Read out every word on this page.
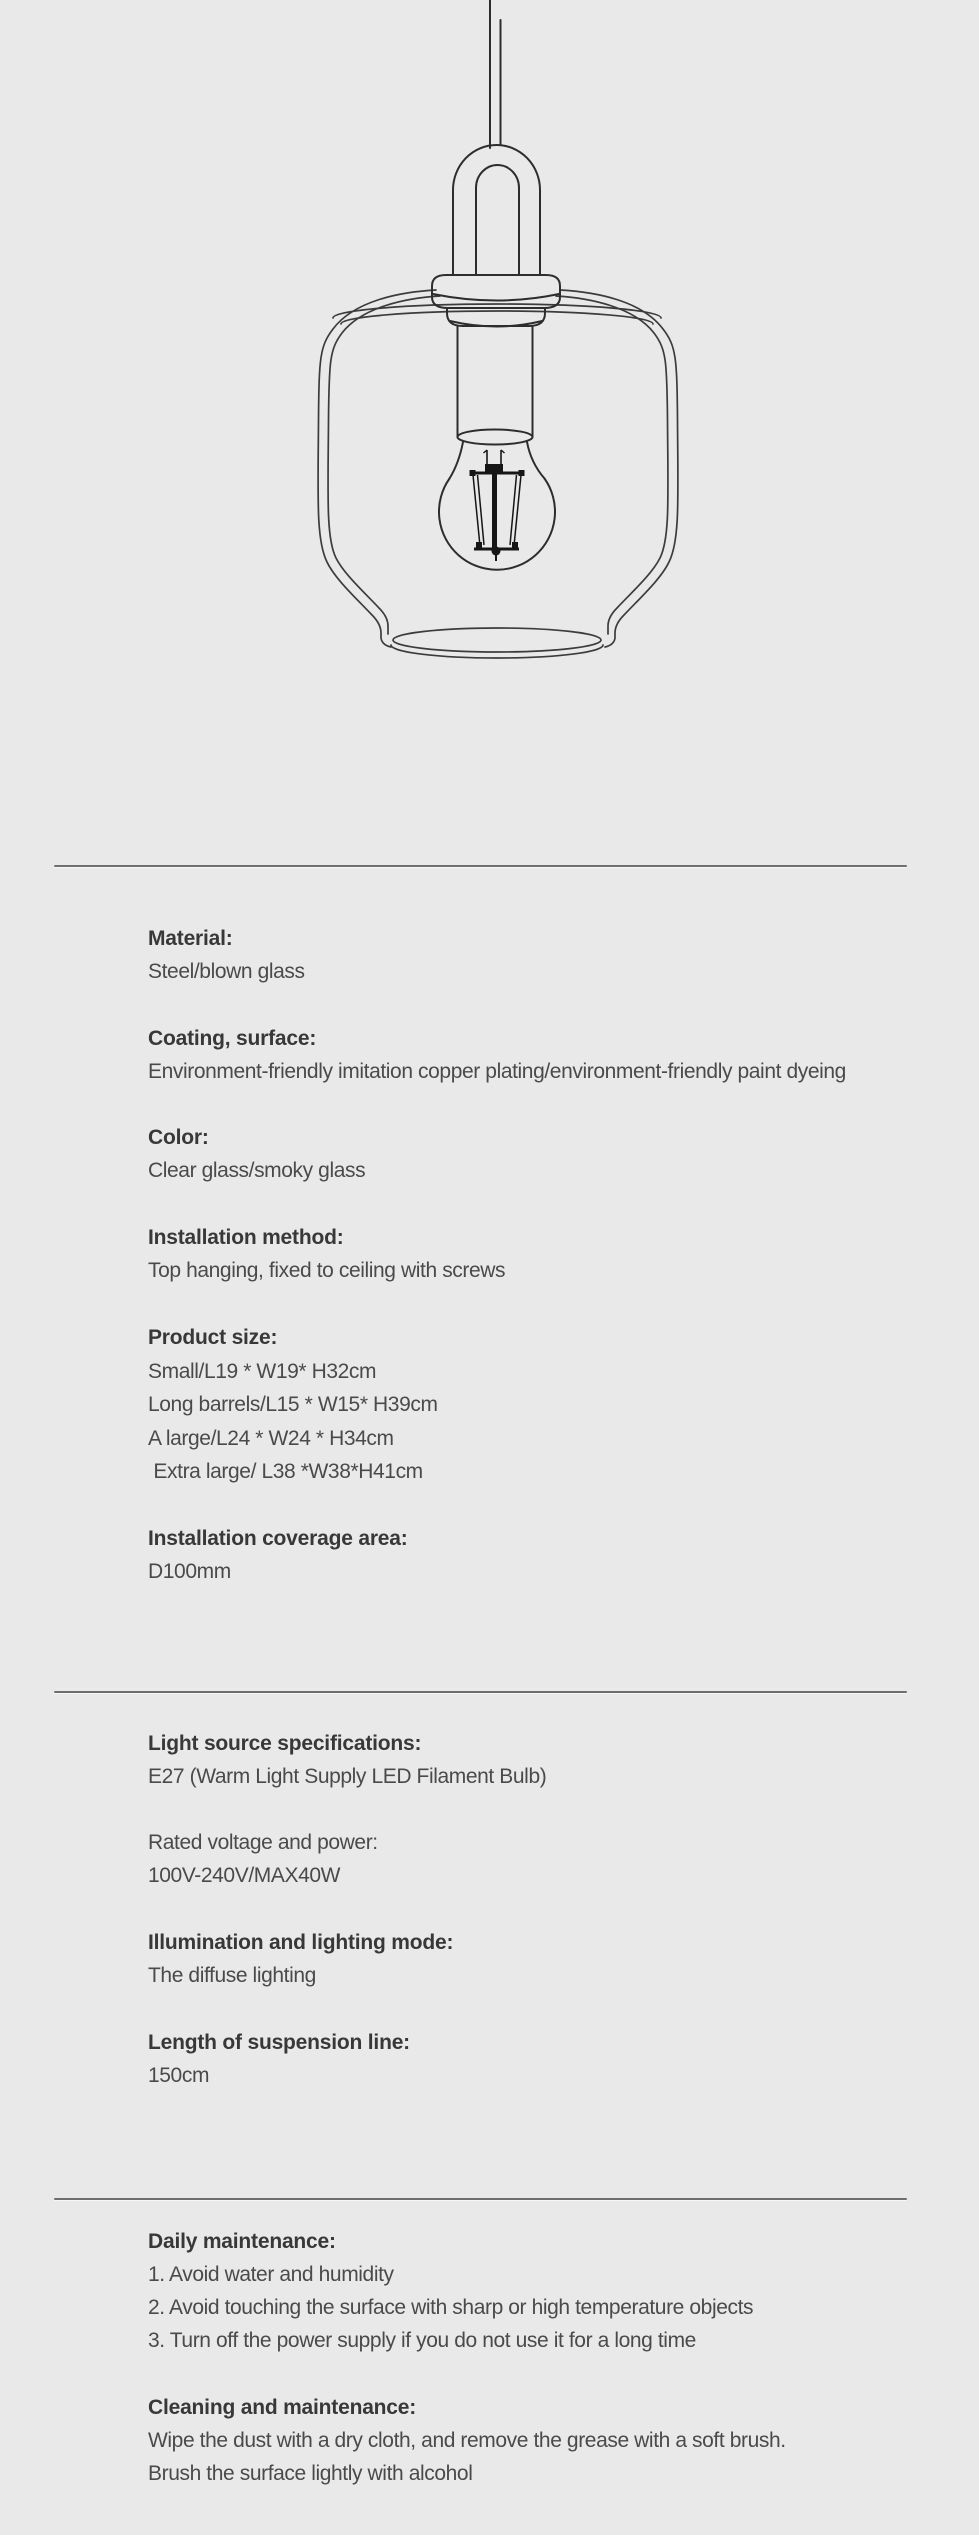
Material:
Steel/blown glass
Coating, surface:
Environment-friendly imitation copper plating/environment-friendly paint dyeing
Color:
Clear glass/smoky glass
Installation method:
Top hanging, fixed to ceiling with screws
Product size:
Small/L19 * W19* H32cm
Long barrels/L15 * W15* H39cm
A large/L24 * W24 * H34cm
Extra large/ L38 *W38*H41cm
Installation coverage area:
D100mm
Light source specifications:
E27 (Warm Light Supply LED Filament Bulb)
Rated voltage and power:
100V-240V/MAX40W
Illumination and lighting mode:
The diffuse lighting
Length of suspension line:
150cm
Daily maintenance:
1. Avoid water and humidity
2. Avoid touching the surface with sharp or high temperature objects
3. Turn off the power supply if you do not use it for a long time
Cleaning and maintenance:
Wipe the dust with a dry cloth, and remove the grease with a soft brush.
Brush the surface lightly with alcohol
